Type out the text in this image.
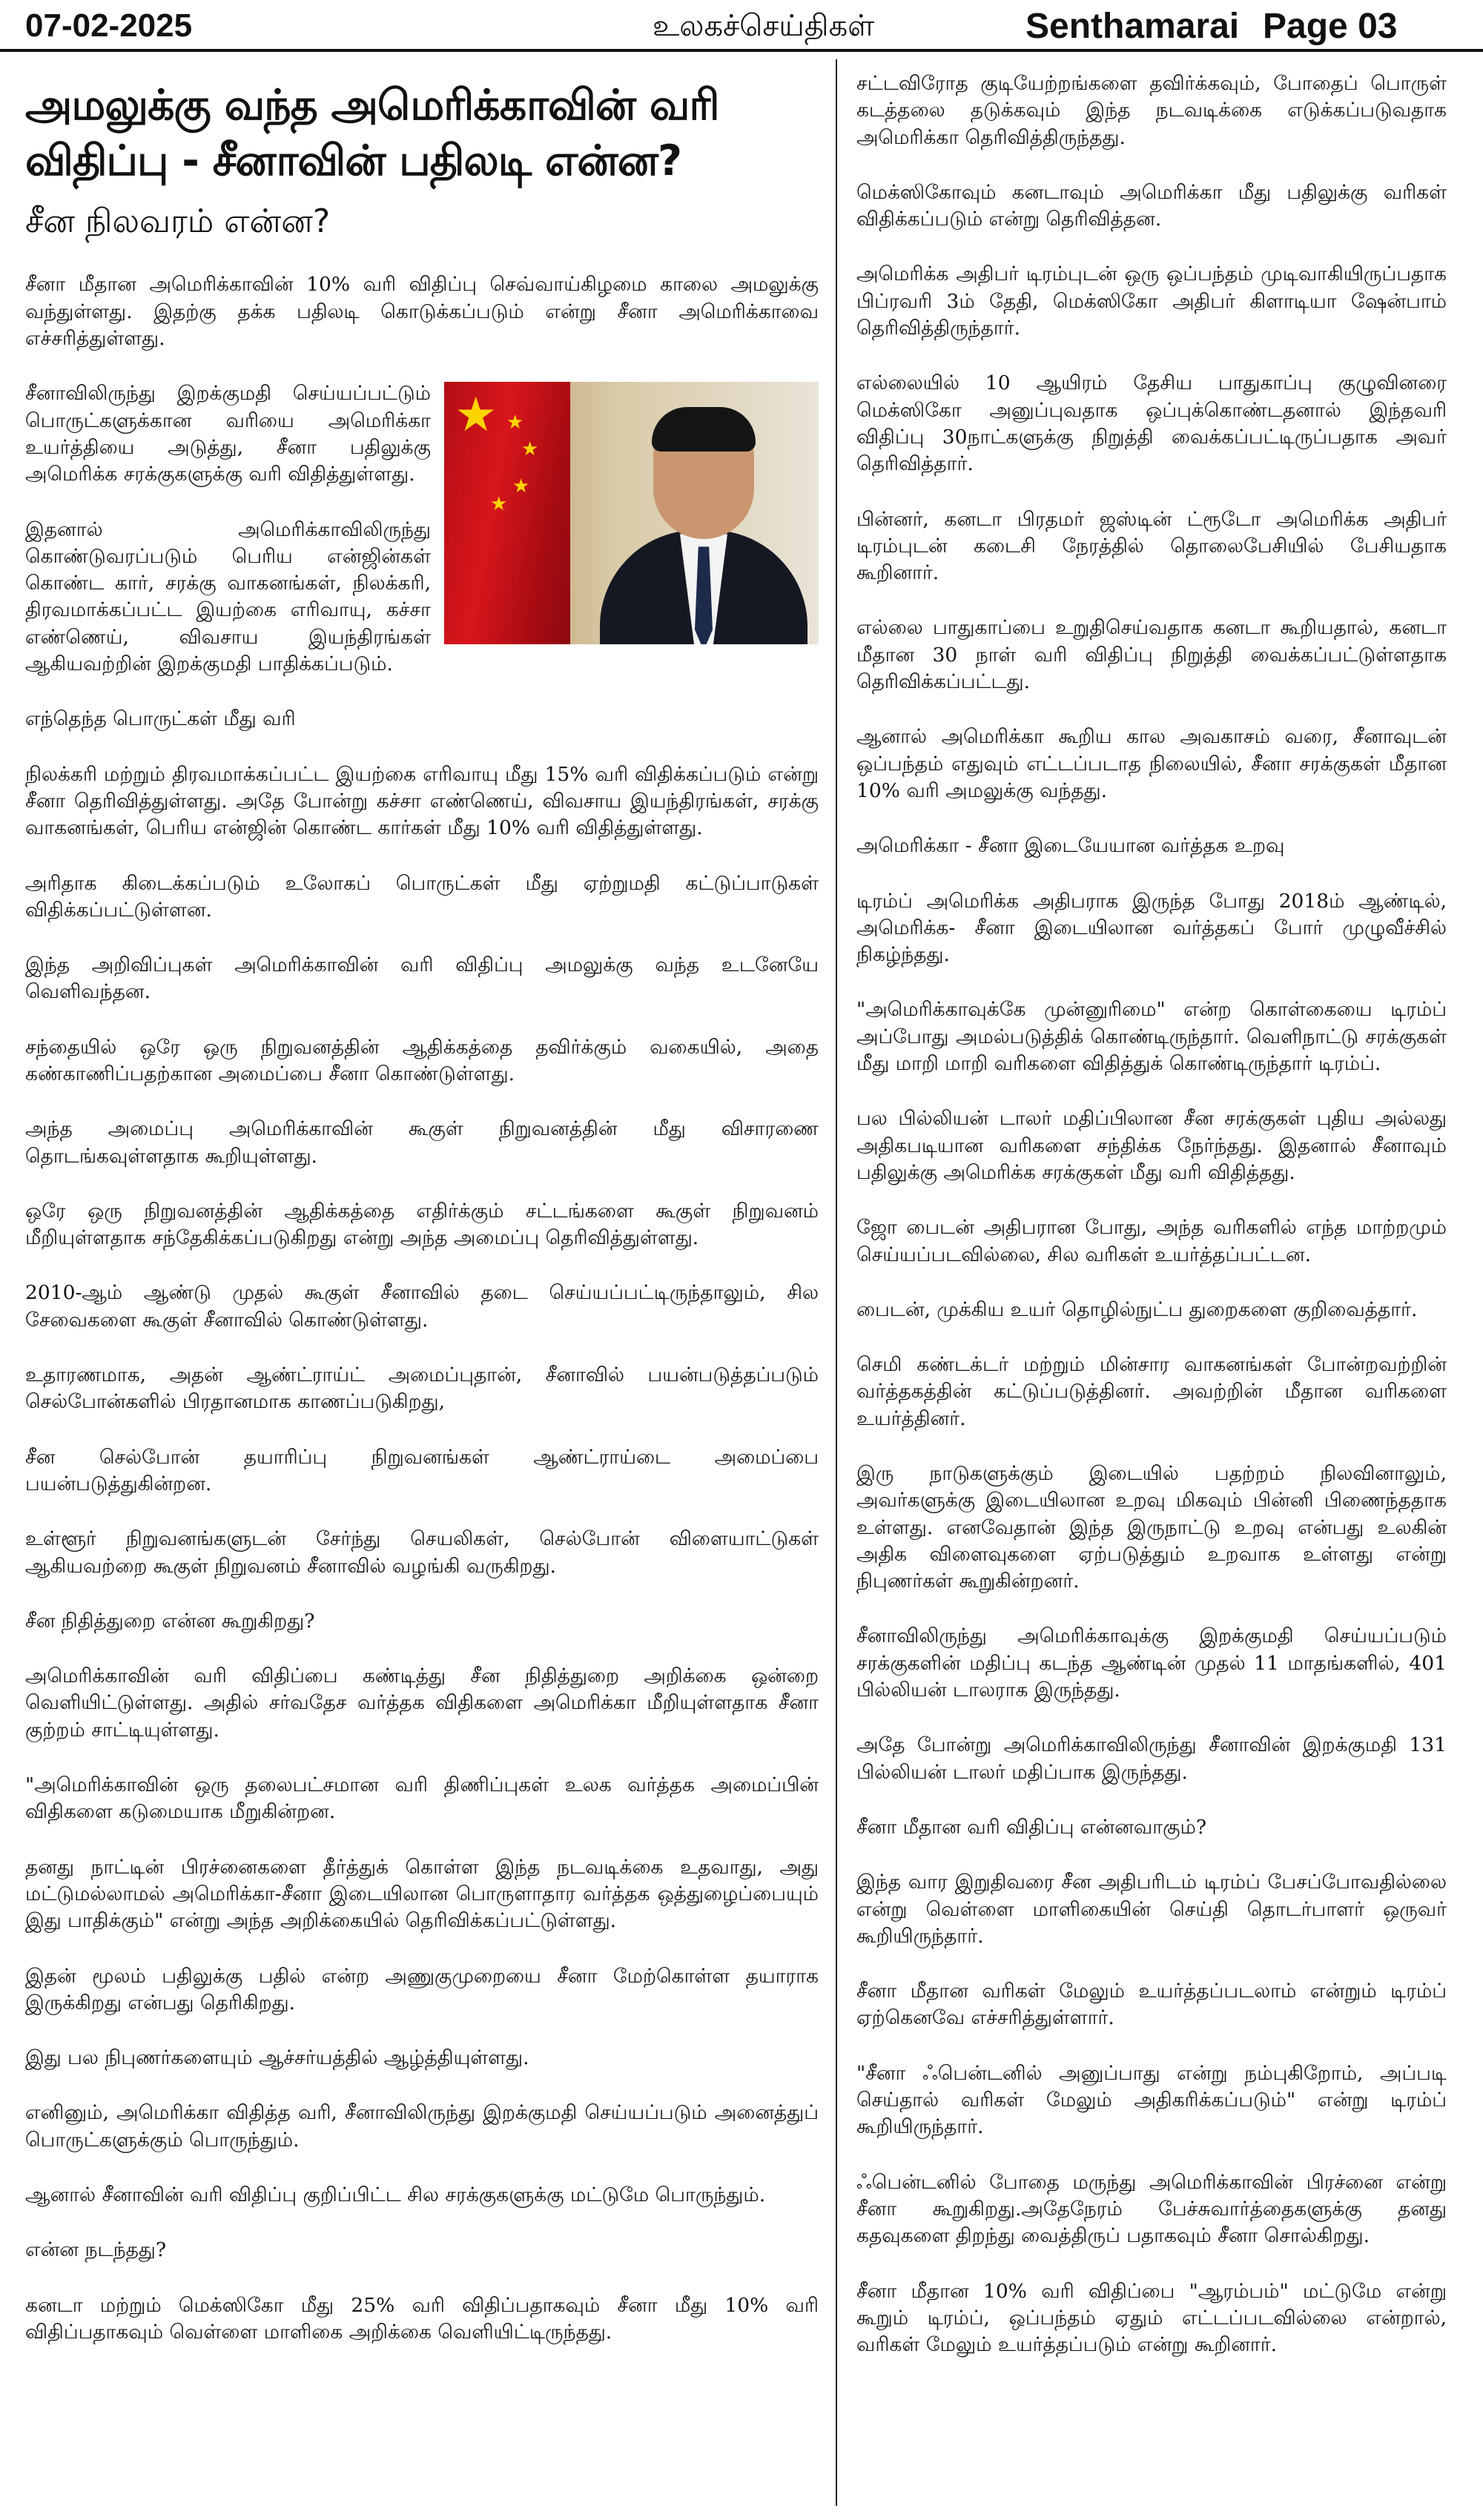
07-02-2025	உலகச்செய்திகள்	Senthamarai Page 03
அமலுக்கு வந்த அமெரிக்காவின் வரி விதிப்பு - சீனாவின் பதிலடி என்ன?
சீன நிலவரம் என்ன?

சீனா மீதான அமெரிக்காவின் 10% வரி விதிப்பு செவ்வாய்கிழமை காலை அமலுக்கு வந்துள்ளது. இதற்கு தக்க பதிலடி கொடுக்கப்படும் என்று சீனா அமெரிக்காவை எச்சரித்துள்ளது.

★ ★
★
★
★

சீனாவிலிருந்து இறக்குமதி செய்யப்பட்டும் பொருட்களுக்கான வரியை அமெரிக்கா உயர்த்தியை அடுத்து, சீனா பதிலுக்கு அமெரிக்க சரக்குகளுக்கு வரி விதித்துள்ளது.

இதனால் அமெரிக்காவிலிருந்து கொண்டுவரப்படும் பெரிய என்ஜின்கள் கொண்ட கார், சரக்கு வாகனங்கள், நிலக்கரி, திரவமாக்கப்பட்ட இயற்கை எரிவாயு, கச்சா எண்ணெய், விவசாய இயந்திரங்கள் ஆகியவற்றின் இறக்குமதி பாதிக்கப்படும்.

எந்தெந்த பொருட்கள் மீது வரி

நிலக்கரி மற்றும் திரவமாக்கப்பட்ட இயற்கை எரிவாயு மீது 15% வரி விதிக்கப்படும் என்று சீனா தெரிவித்துள்ளது. அதே போன்று கச்சா எண்ணெய், விவசாய இயந்திரங்கள், சரக்கு வாகனங்கள், பெரிய என்ஜின் கொண்ட கார்கள் மீது 10% வரி விதித்துள்ளது.

அரிதாக கிடைக்கப்படும் உலோகப் பொருட்கள் மீது ஏற்றுமதி கட்டுப்பாடுகள் விதிக்கப்பட்டுள்ளன.

இந்த அறிவிப்புகள் அமெரிக்காவின் வரி விதிப்பு அமலுக்கு வந்த உடனேயே வெளிவந்தன.

சந்தையில் ஒரே ஒரு நிறுவனத்தின் ஆதிக்கத்தை தவிர்க்கும் வகையில், அதை கண்காணிப்பதற்கான அமைப்பை சீனா கொண்டுள்ளது.

அந்த அமைப்பு அமெரிக்காவின் கூகுள் நிறுவனத்தின் மீது விசாரணை தொடங்கவுள்ளதாக கூறியுள்ளது.

ஒரே ஒரு நிறுவனத்தின் ஆதிக்கத்தை எதிர்க்கும் சட்டங்களை கூகுள் நிறுவனம் மீறியுள்ளதாக சந்தேகிக்கப்படுகிறது என்று அந்த அமைப்பு தெரிவித்துள்ளது.

2010-ஆம் ஆண்டு முதல் கூகுள் சீனாவில் தடை செய்யப்பட்டிருந்தாலும், சில சேவைகளை கூகுள் சீனாவில் கொண்டுள்ளது.

உதாரணமாக, அதன் ஆண்ட்ராய்ட் அமைப்புதான், சீனாவில் பயன்படுத்தப்படும் செல்போன்களில் பிரதானமாக காணப்படுகிறது,

சீன செல்போன் தயாரிப்பு நிறுவனங்கள் ஆண்ட்ராய்டை அமைப்பை பயன்படுத்துகின்றன.

உள்ளூர் நிறுவனங்களுடன் சேர்ந்து செயலிகள், செல்போன் விளையாட்டுகள் ஆகியவற்றை கூகுள் நிறுவனம் சீனாவில் வழங்கி வருகிறது.

சீன நிதித்துறை என்ன கூறுகிறது?

அமெரிக்காவின் வரி விதிப்பை கண்டித்து சீன நிதித்துறை அறிக்கை ஒன்றை வெளியிட்டுள்ளது. அதில் சர்வதேச வர்த்தக விதிகளை அமெரிக்கா மீறியுள்ளதாக சீனா குற்றம் சாட்டியுள்ளது.

"அமெரிக்காவின் ஒரு தலைபட்சமான வரி திணிப்புகள் உலக வர்த்தக அமைப்பின் விதிகளை கடுமையாக மீறுகின்றன.

தனது நாட்டின் பிரச்னைகளை தீர்த்துக் கொள்ள இந்த நடவடிக்கை உதவாது, அது மட்டுமல்லாமல் அமெரிக்கா-சீனா இடையிலான பொருளாதார வர்த்தக ஒத்துழைப்பையும் இது பாதிக்கும்" என்று அந்த அறிக்கையில் தெரிவிக்கப்பட்டுள்ளது.

இதன் மூலம் பதிலுக்கு பதில் என்ற அணுகுமுறையை சீனா மேற்கொள்ள தயாராக இருக்கிறது என்பது தெரிகிறது.

இது பல நிபுணர்களையும் ஆச்சர்யத்தில் ஆழ்த்தியுள்ளது.

எனினும், அமெரிக்கா விதித்த வரி, சீனாவிலிருந்து இறக்குமதி செய்யப்படும் அனைத்துப் பொருட்களுக்கும் பொருந்தும்.

ஆனால் சீனாவின் வரி விதிப்பு குறிப்பிட்ட சில சரக்குகளுக்கு மட்டுமே பொருந்தும்.

என்ன நடந்தது?

கனடா மற்றும் மெக்ஸிகோ மீது 25% வரி விதிப்பதாகவும் சீனா மீது 10% வரி விதிப்பதாகவும் வெள்ளை மாளிகை அறிக்கை வெளியிட்டிருந்தது.

சட்டவிரோத குடியேற்றங்களை தவிர்க்கவும், போதைப் பொருள் கடத்தலை தடுக்கவும் இந்த நடவடிக்கை எடுக்கப்படுவதாக அமெரிக்கா தெரிவித்திருந்தது.

மெக்ஸிகோவும் கனடாவும் அமெரிக்கா மீது பதிலுக்கு வரிகள் விதிக்கப்படும் என்று தெரிவித்தன.

அமெரிக்க அதிபர் டிரம்புடன் ஒரு ஒப்பந்தம் முடிவாகியிருப்பதாக பிப்ரவரி 3ம் தேதி, மெக்ஸிகோ அதிபர் கிளாடியா ஷேன்பாம் தெரிவித்திருந்தார்.

எல்லையில் 10 ஆயிரம் தேசிய பாதுகாப்பு குழுவினரை மெக்ஸிகோ அனுப்புவதாக ஒப்புக்கொண்டதனால் இந்தவரி விதிப்பு 30நாட்களுக்கு நிறுத்தி வைக்கப்பட்டிருப்பதாக அவர் தெரிவித்தார்.

பின்னர், கனடா பிரதமர் ஜஸ்டின் ட்ரூடோ அமெரிக்க அதிபர் டிரம்புடன் கடைசி நேரத்தில் தொலைபேசியில் பேசியதாக கூறினார்.

எல்லை பாதுகாப்பை உறுதிசெய்வதாக கனடா கூறியதால், கனடா மீதான 30 நாள் வரி விதிப்பு நிறுத்தி வைக்கப்பட்டுள்ளதாக தெரிவிக்கப்பட்டது.

ஆனால் அமெரிக்கா கூறிய கால அவகாசம் வரை, சீனாவுடன் ஒப்பந்தம் எதுவும் எட்டப்படாத நிலையில், சீனா சரக்குகள் மீதான 10% வரி அமலுக்கு வந்தது.

அமெரிக்கா - சீனா இடையேயான வர்த்தக உறவு

டிரம்ப் அமெரிக்க அதிபராக இருந்த போது 2018ம் ஆண்டில், அமெரிக்க- சீனா இடையிலான வர்த்தகப் போர் முழுவீச்சில் நிகழ்ந்தது.

"அமெரிக்காவுக்கே முன்னுரிமை" என்ற கொள்கையை டிரம்ப் அப்போது அமல்படுத்திக் கொண்டிருந்தார். வெளிநாட்டு சரக்குகள் மீது மாறி மாறி வரிகளை விதித்துக் கொண்டிருந்தார் டிரம்ப்.

பல பில்லியன் டாலர் மதிப்பிலான சீன சரக்குகள் புதிய அல்லது அதிகபடியான வரிகளை சந்திக்க நேர்ந்தது. இதனால் சீனாவும் பதிலுக்கு அமெரிக்க சரக்குகள் மீது வரி விதித்தது.

ஜோ பைடன் அதிபரான போது, அந்த வரிகளில் எந்த மாற்றமும் செய்யப்படவில்லை, சில வரிகள் உயர்த்தப்பட்டன.

பைடன், முக்கிய உயர் தொழில்நுட்ப துறைகளை குறிவைத்தார்.

செமி கண்டக்டர் மற்றும் மின்சார வாகனங்கள் போன்றவற்றின் வர்த்தகத்தின் கட்டுப்படுத்தினர். அவற்றின் மீதான வரிகளை உயர்த்தினர்.

இரு நாடுகளுக்கும் இடையில் பதற்றம் நிலவினாலும், அவர்களுக்கு இடையிலான உறவு மிகவும் பின்னி பிணைந்ததாக உள்ளது. எனவேதான் இந்த இருநாட்டு உறவு என்பது உலகின் அதிக விளைவுகளை ஏற்படுத்தும் உறவாக உள்ளது என்று நிபுணர்கள் கூறுகின்றனர்.

சீனாவிலிருந்து அமெரிக்காவுக்கு இறக்குமதி செய்யப்படும் சரக்குகளின் மதிப்பு கடந்த ஆண்டின் முதல் 11 மாதங்களில், 401 பில்லியன் டாலராக இருந்தது.

அதே போன்று அமெரிக்காவிலிருந்து சீனாவின் இறக்குமதி 131 பில்லியன் டாலர் மதிப்பாக இருந்தது.

சீனா மீதான வரி விதிப்பு என்னவாகும்?

இந்த வார இறுதிவரை சீன அதிபரிடம் டிரம்ப் பேசப்போவதில்லை என்று வெள்ளை மாளிகையின் செய்தி தொடர்பாளர் ஒருவர் கூறியிருந்தார்.

சீனா மீதான வரிகள் மேலும் உயர்த்தப்படலாம் என்றும் டிரம்ப் ஏற்கெனவே எச்சரித்துள்ளார்.

"சீனா ஃபென்டனில் அனுப்பாது என்று நம்புகிறோம், அப்படி செய்தால் வரிகள் மேலும் அதிகரிக்கப்படும்" என்று டிரம்ப் கூறியிருந்தார்.

ஃபென்டனில் போதை மருந்து அமெரிக்காவின் பிரச்னை என்று சீனா கூறுகிறது.அதேநேரம் பேச்சுவார்த்தைகளுக்கு தனது கதவுகளை திறந்து வைத்திருப் பதாகவும் சீனா சொல்கிறது.

சீனா மீதான 10% வரி விதிப்பை "ஆரம்பம்" மட்டுமே என்று கூறும் டிரம்ப், ஒப்பந்தம் ஏதும் எட்டப்படவில்லை என்றால், வரிகள் மேலும் உயர்த்தப்படும் என்று கூறினார்.
